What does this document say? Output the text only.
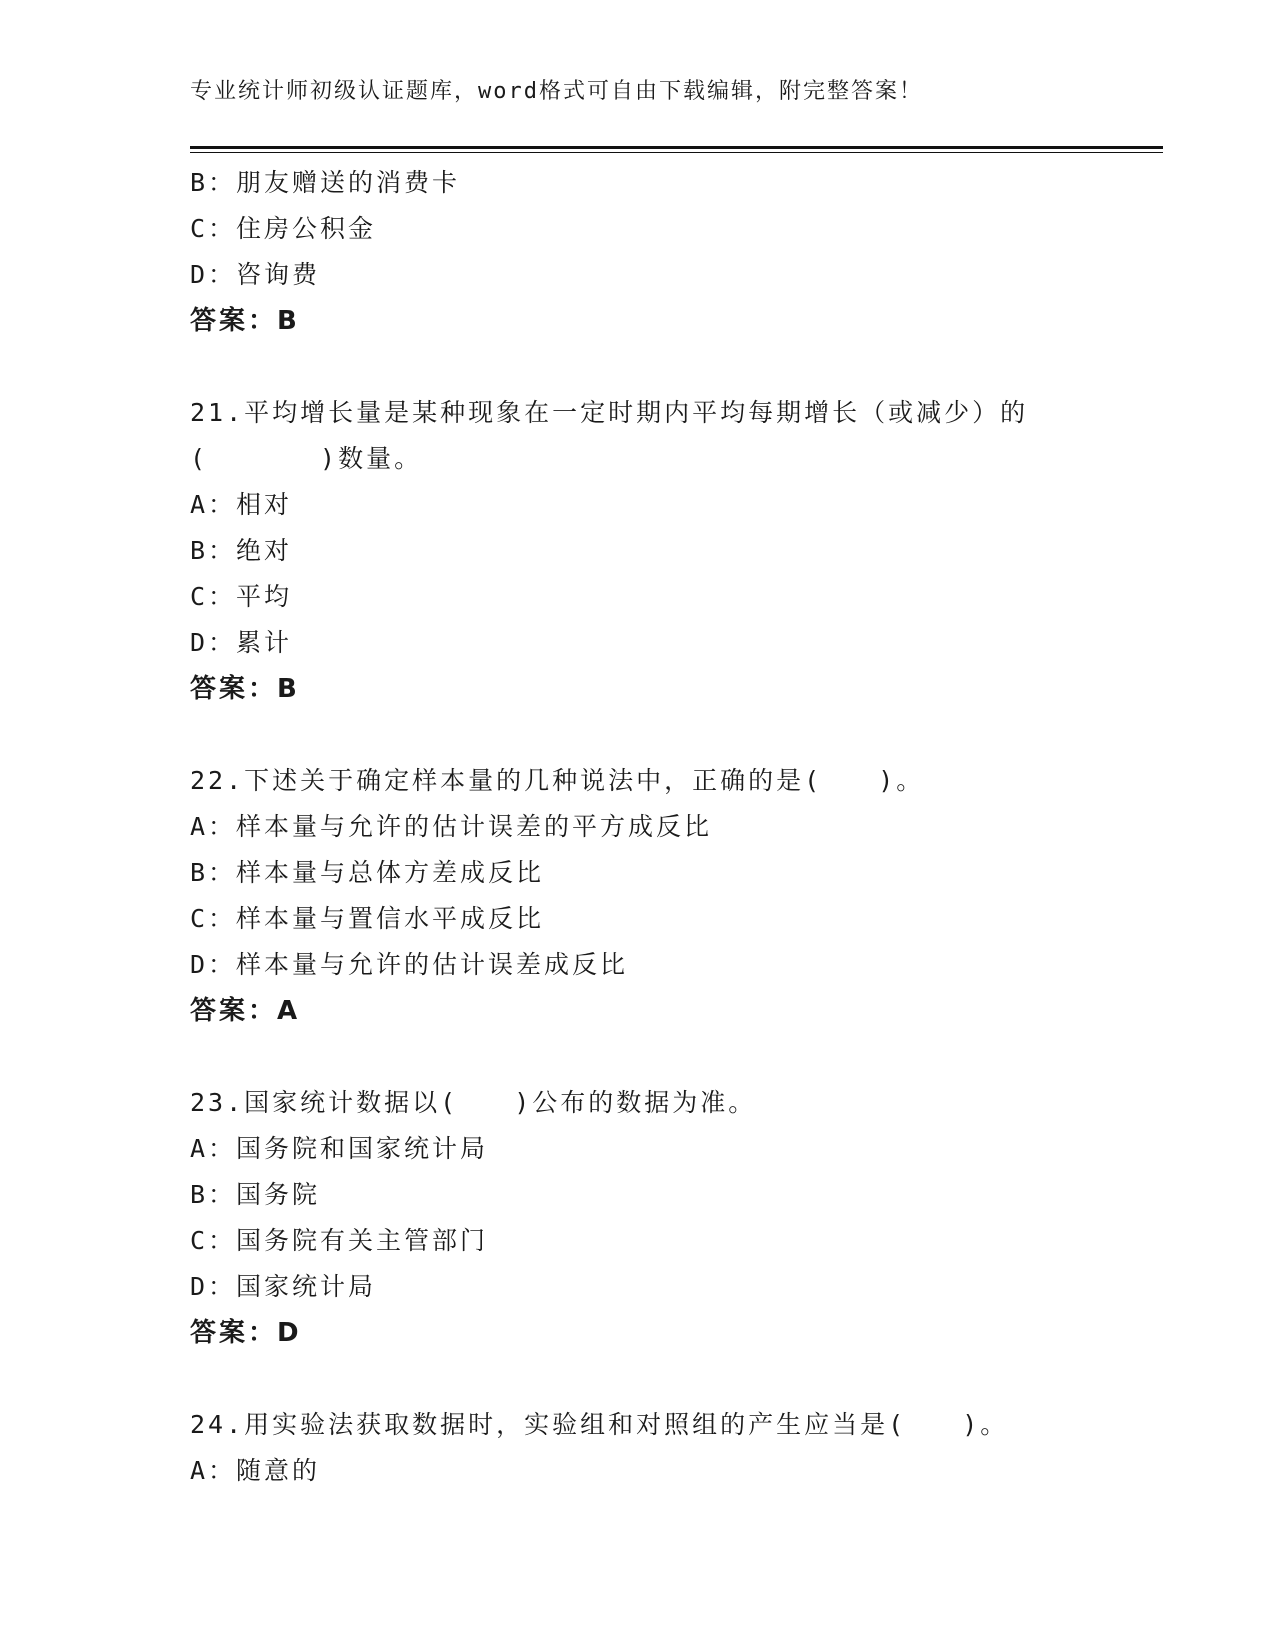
专业统计师初级认证题库，word格式可自由下载编辑，附完整答案！
B：朋友赠送的消费卡
C：住房公积金
D：咨询费
答案：B
21.平均增长量是某种现象在一定时期内平均每期增长（或减少）的
(　　　　)数量。
A：相对
B：绝对
C：平均
D：累计
答案：B
22.下述关于确定样本量的几种说法中，正确的是(　　)。
A：样本量与允许的估计误差的平方成反比
B：样本量与总体方差成反比
C：样本量与置信水平成反比
D：样本量与允许的估计误差成反比
答案：A
23.国家统计数据以(　　)公布的数据为准。
A：国务院和国家统计局
B：国务院
C：国务院有关主管部门
D：国家统计局
答案：D
24.用实验法获取数据时，实验组和对照组的产生应当是(　　)。
A：随意的
